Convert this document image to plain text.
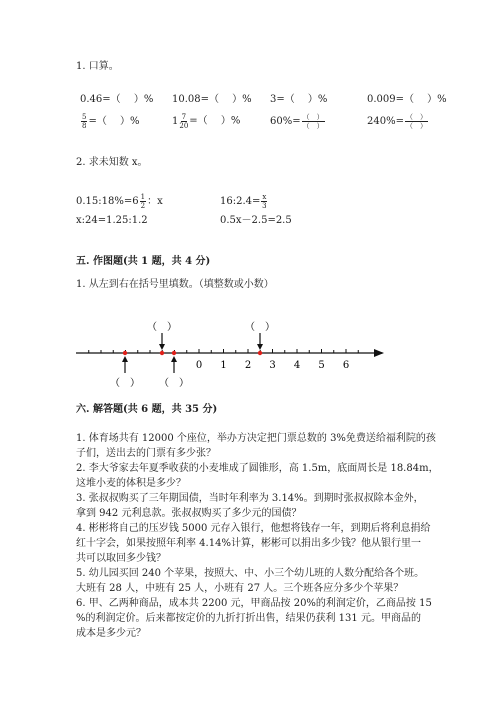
1. 口算。
0.46=（　 ）% 10.08=（　 ）% 3=（　 ）%	0.009=（　 ）%
$\frac{5}{8}$ =（　 ）%	$1 \frac{7}{20}$ =（　 ）%	$60\%= \frac{( )}{( )}$	$240\%= \frac{( )}{( )}$
2. 求未知数 x。
0.15:18%=6 $\frac{1}{2}$ ：x	16:2.4= $\frac{x}{3}$
x:24=1.25:1.2	0.5x－2.5=2.5
五. 作图题(共 1 题，共 4 分)
1. 从左到右在括号里填数。（填整数或小数）
0 1 2 3 4 5 6
（　）	（　）
（　） （　）
六. 解答题(共 6 题，共 35 分)
1. 体育场共有 12000 个座位，举办方决定把门票总数的 3%免费送给福利院的孩
子们，送出去的门票有多少张？
2. 李大爷家去年夏季收获的小麦堆成了圆锥形，高 1.5m，底面周长是 18.84m，
这堆小麦的体积是多少？
3. 张叔叔购买了三年期国债，当时年利率为 3.14%。到期时张叔叔除本金外，
拿到 942 元利息款。张叔叔购买了多少元的国债？
4. 彬彬将自己的压岁钱 5000 元存入银行，他想将钱存一年，到期后将利息捐给
红十字会，如果按照年利率 4.14%计算，彬彬可以捐出多少钱？他从银行里一
共可以取回多少钱？
5. 幼儿园买回 240 个苹果，按照大、中、小三个幼儿班的人数分配给各个班。
大班有 28 人，中班有 25 人，小班有 27 人。三个班各应分多少个苹果？
6. 甲、乙两种商品，成本共 2200 元，甲商品按 20%的利润定价，乙商品按 15
%的利润定价。后来都按定价的九折打折出售，结果仍获利 131 元。甲商品的
成本是多少元？
